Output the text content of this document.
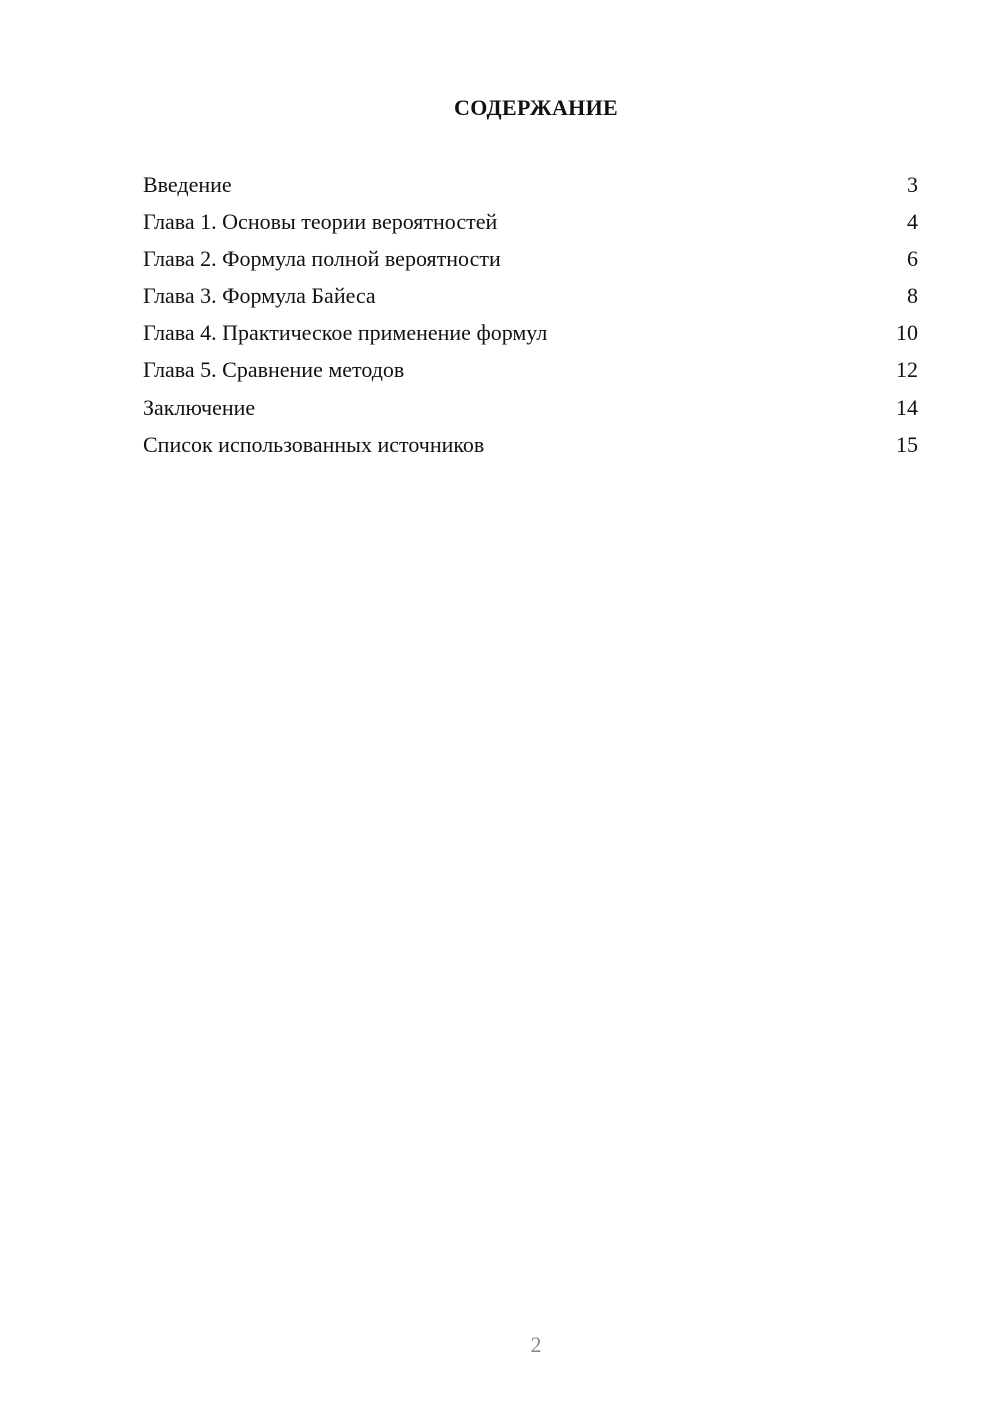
СОДЕРЖАНИЕ
Введение	3
Глава 1. Основы теории вероятностей	4
Глава 2. Формула полной вероятности	6
Глава 3. Формула Байеса	8
Глава 4. Практическое применение формул	10
Глава 5. Сравнение методов	12
Заключение	14
Список использованных источников	15
2
